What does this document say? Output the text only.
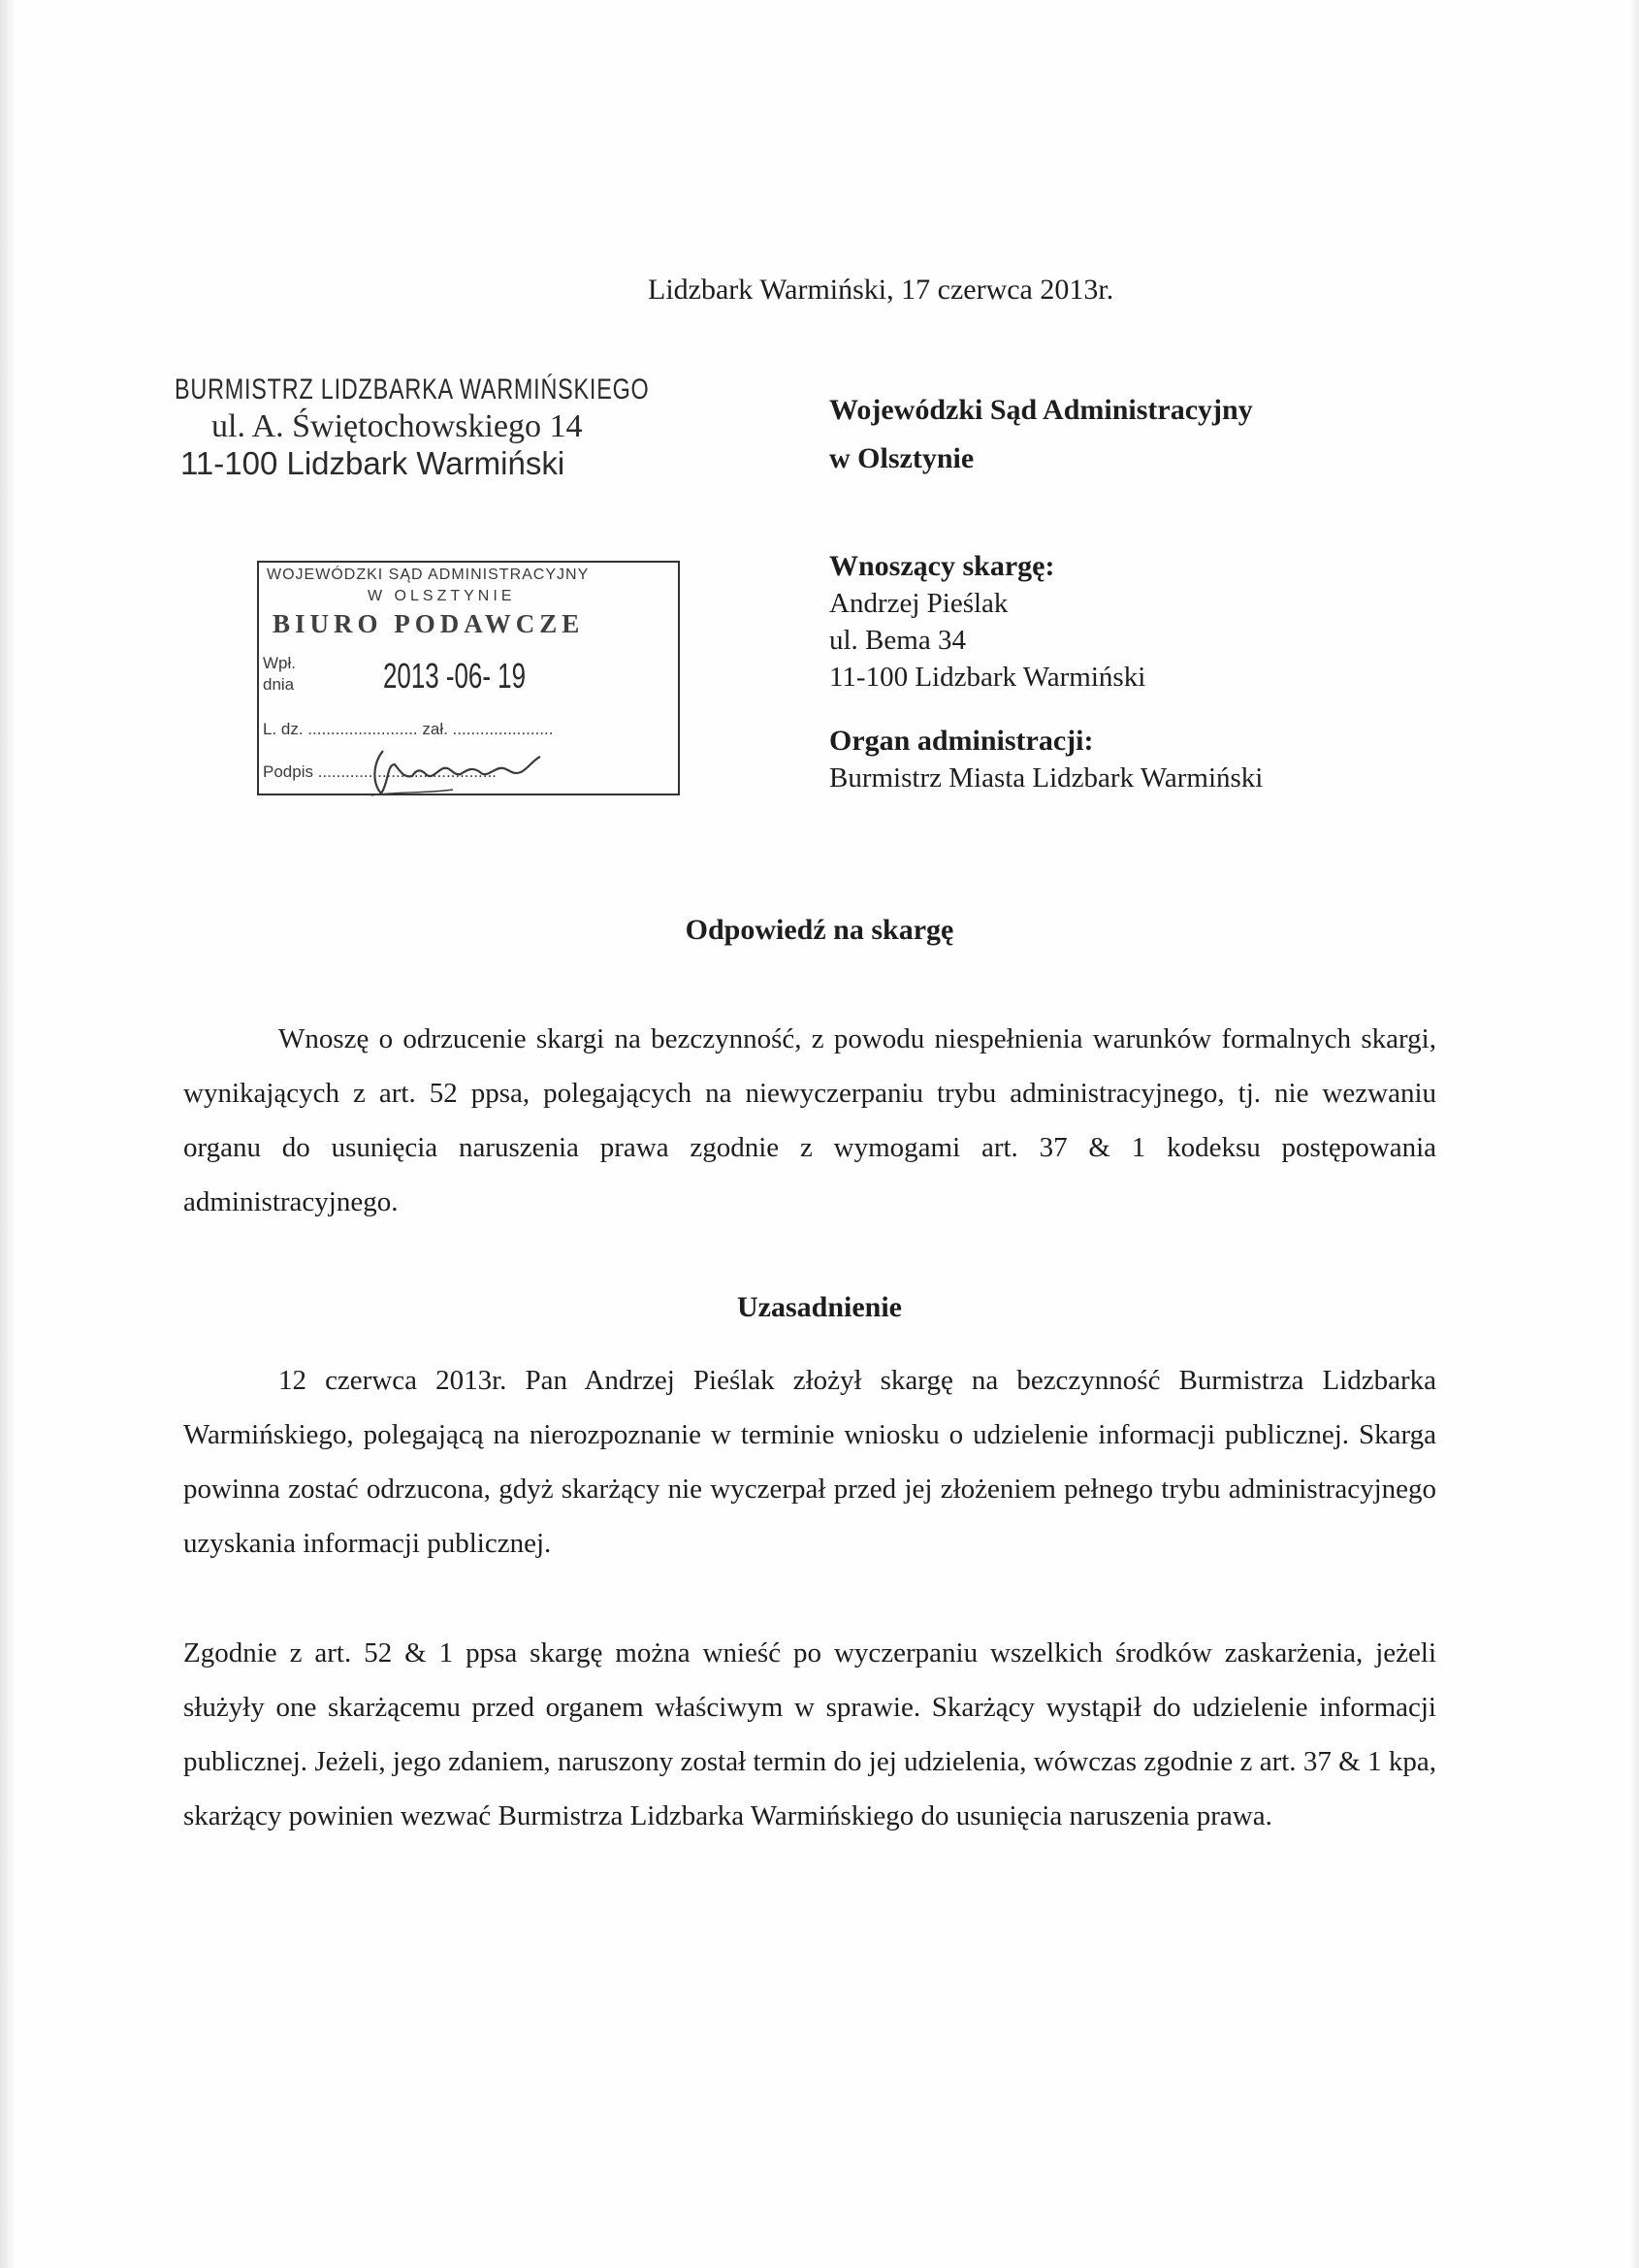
Lidzbark Warmiński, 17 czerwca 2013r.
BURMISTRZ LIDZBARKA WARMIŃSKIEGO
ul. A. Świętochowskiego 14
11-100 Lidzbark Warmiński
WOJEWÓDZKI SĄD ADMINISTRACYJNY
W OLSZTYNIE
BIURO PODAWCZE
Wpł.
dnia	2013 -06- 19
L. dz. ........................ zał. ......................
Podpis .......................................
Wojewódzki Sąd Administracyjny
w Olsztynie
Wnoszący skargę:
Andrzej Pieślak
ul. Bema 34
11-100 Lidzbark Warmiński
Organ administracji:
Burmistrz Miasta Lidzbark Warmiński
Odpowiedź na skargę
Wnoszę o odrzucenie skargi na bezczynność, z powodu niespełnienia warunków formalnych skargi, wynikających z art. 52 ppsa, polegających na niewyczerpaniu trybu administracyjnego, tj. nie wezwaniu organu do usunięcia naruszenia prawa zgodnie z wymogami art. 37 & 1 kodeksu postępowania administracyjnego.
Uzasadnienie
12 czerwca 2013r. Pan Andrzej Pieślak złożył skargę na bezczynność Burmistrza Lidzbarka Warmińskiego, polegającą na nierozpoznanie w terminie wniosku o udzielenie informacji publicznej. Skarga powinna zostać odrzucona, gdyż skarżący nie wyczerpał przed jej złożeniem pełnego trybu administracyjnego uzyskania informacji publicznej.
Zgodnie z art. 52 & 1 ppsa skargę można wnieść po wyczerpaniu wszelkich środków zaskarżenia, jeżeli służyły one skarżącemu przed organem właściwym w sprawie. Skarżący wystąpił do udzielenie informacji publicznej. Jeżeli, jego zdaniem, naruszony został termin do jej udzielenia, wówczas zgodnie z art. 37 & 1 kpa, skarżący powinien wezwać Burmistrza Lidzbarka Warmińskiego do usunięcia naruszenia prawa.
